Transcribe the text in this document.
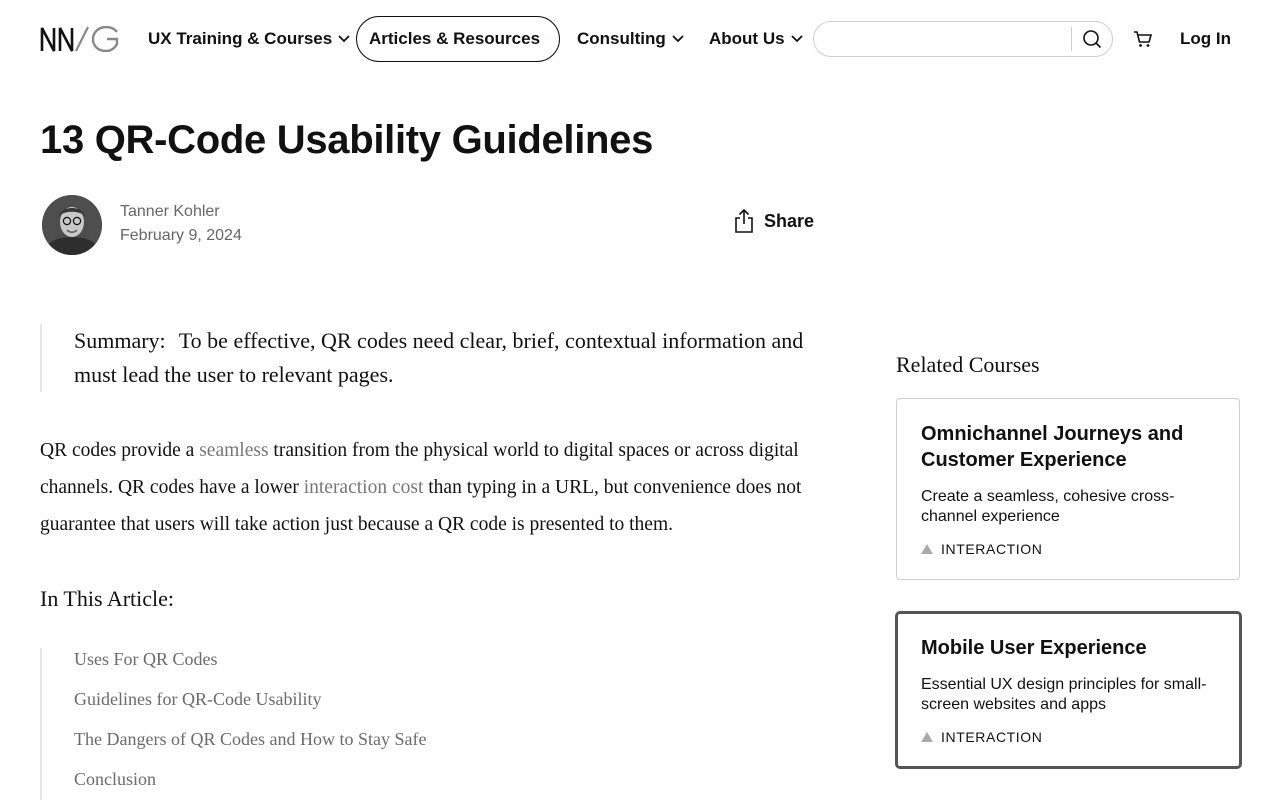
UX Training & Courses Articles & Resources Consulting	About Us	Log In
13 QR-Code Usability Guidelines
Tanner Kohler
February 9, 2024
Share
Summary: To be effective, QR codes need clear, brief, contextual information and must lead the user to relevant pages.

QR codes provide a seamless transition from the physical world to digital spaces or across digital channels. QR codes have a lower interaction cost than typing in a URL, but convenience does not guarantee that users will take action just because a QR code is presented to them.

In This Article:
Uses For QR Codes
Guidelines for QR-Code Usability
The Dangers of QR Codes and How to Stay Safe
Conclusion
Related Courses
Omnichannel Journeys and Customer Experience
Create a seamless, cohesive cross-channel experience
INTERACTION
Mobile User Experience
Essential UX design principles for small-screen websites and apps
INTERACTION
